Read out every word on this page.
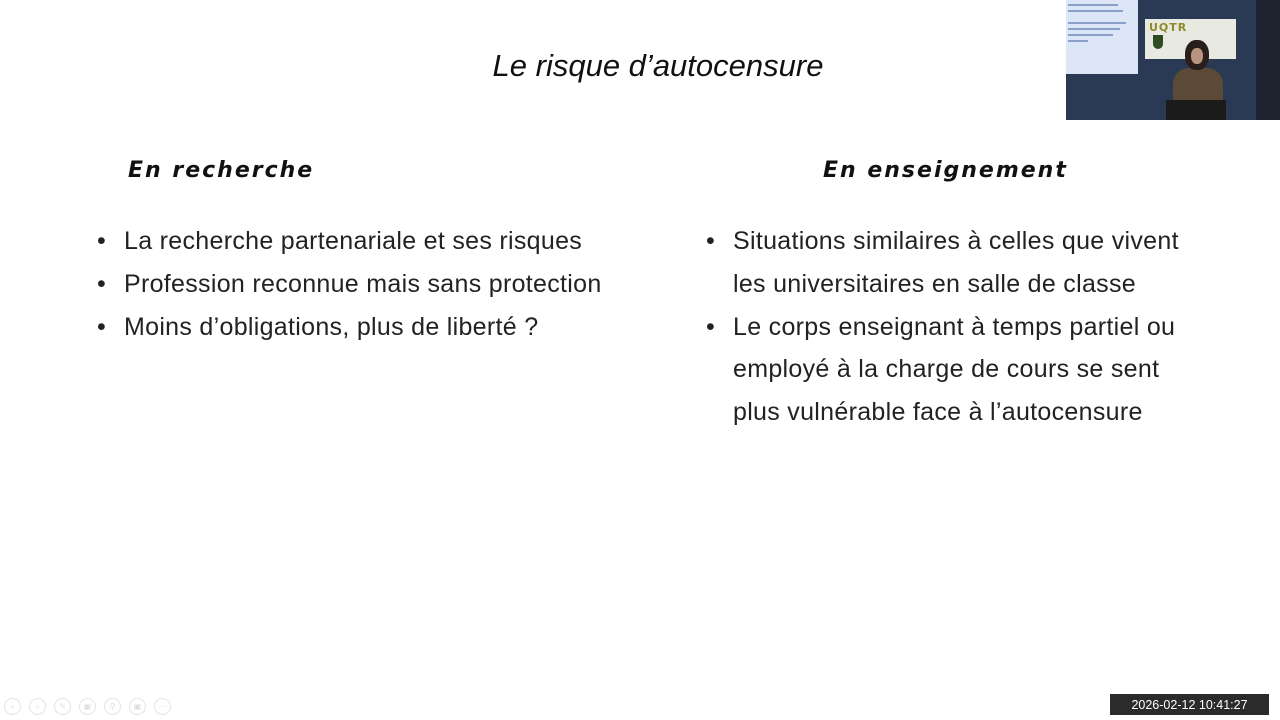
Le risque d’autocensure
En recherche	En enseignement
• La recherche partenariale et ses risques
• Profession reconnue mais sans protection
• Moins d’obligations, plus de liberté ?
• Situations similaires à celles que vivent les universitaires en salle de classe
• Le corps enseignant à temps partiel ou employé à la charge de cours se sent plus vulnérable face à l’autocensure
UQTR
‹	›	✎	▣	⚲	▣	⋯	2026-02-12 10:41:27
